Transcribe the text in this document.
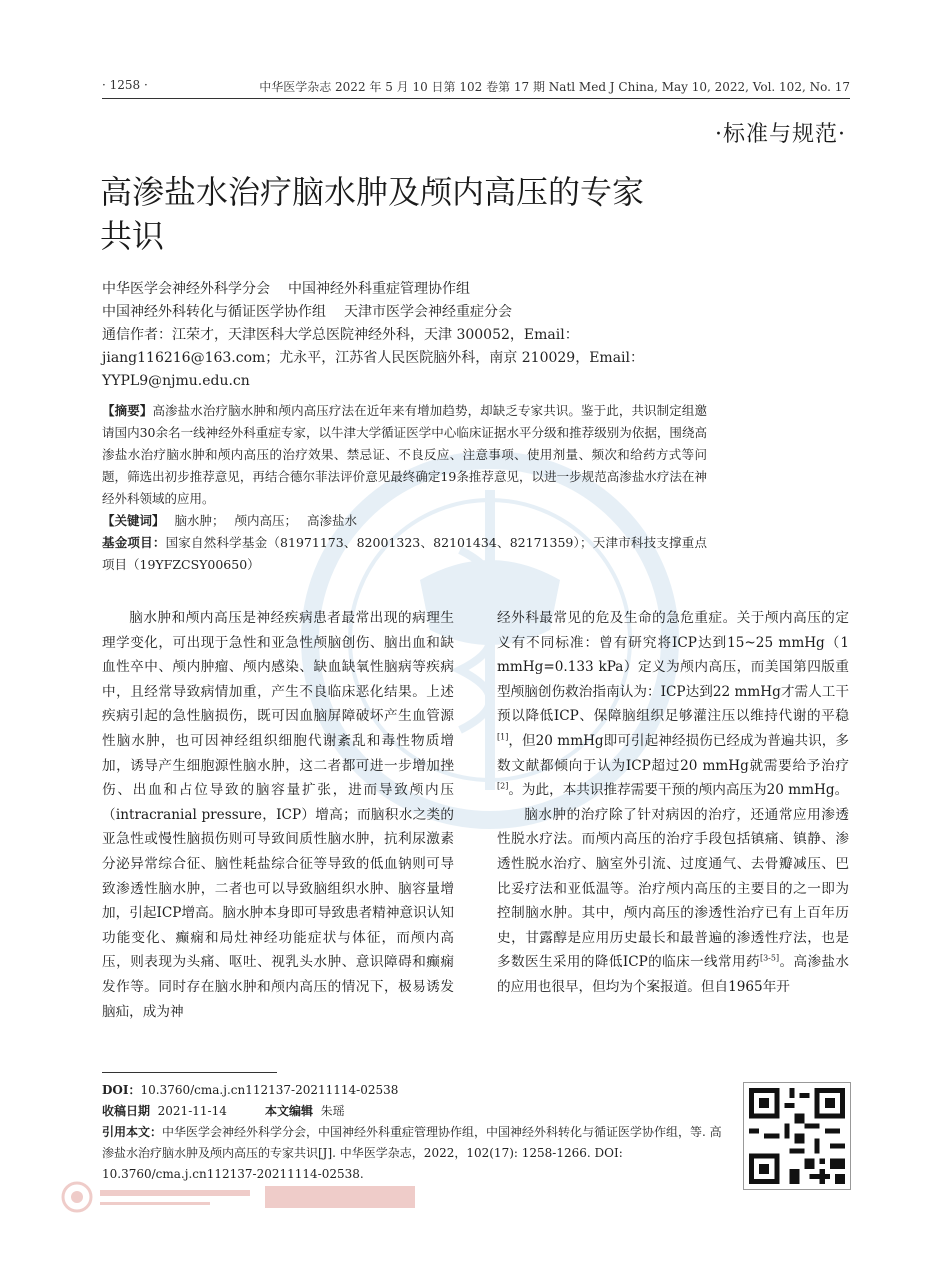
· 1258 ·	中华医学杂志 2022 年 5 月 10 日第 102 卷第 17 期 Natl Med J China, May 10, 2022, Vol. 102, No. 17
·标准与规范·
高渗盐水治疗脑水肿及颅内高压的专家共识
中华医学会神经外科学分会 中国神经外科重症管理协作组
中国神经外科转化与循证医学协作组 天津市医学会神经重症分会
通信作者：江荣才，天津医科大学总医院神经外科，天津 300052，Email：jiang116216@163.com；尤永平，江苏省人民医院脑外科，南京 210029，Email：YYPL9@njmu.edu.cn

【摘要】高渗盐水治疗脑水肿和颅内高压疗法在近年来有增加趋势，却缺乏专家共识。鉴于此，共识制定组邀请国内30余名一线神经外科重症专家，以牛津大学循证医学中心临床证据水平分级和推荐级别为依据，围绕高渗盐水治疗脑水肿和颅内高压的治疗效果、禁忌证、不良反应、注意事项、使用剂量、频次和给药方式等问题，筛选出初步推荐意见，再结合德尔菲法评价意见最终确定19条推荐意见，以进一步规范高渗盐水疗法在神经外科领域的应用。

【关键词】 脑水肿； 颅内高压； 高渗盐水

基金项目：国家自然科学基金（81971173、82001323、82101434、82171359）；天津市科技支撑重点项目（19YFZCSY00650）

脑水肿和颅内高压是神经疾病患者最常出现的病理生理学变化，可出现于急性和亚急性颅脑创伤、脑出血和缺血性卒中、颅内肿瘤、颅内感染、缺血缺氧性脑病等疾病中，且经常导致病情加重，产生不良临床恶化结果。上述疾病引起的急性脑损伤，既可因血脑屏障破坏产生血管源性脑水肿，也可因神经组织细胞代谢紊乱和毒性物质增加，诱导产生细胞源性脑水肿，这二者都可进一步增加挫伤、出血和占位导致的脑容量扩张，进而导致颅内压（intracranial pressure，ICP）增高；而脑积水之类的亚急性或慢性脑损伤则可导致间质性脑水肿，抗利尿激素分泌异常综合征、脑性耗盐综合征等导致的低血钠则可导致渗透性脑水肿，二者也可以导致脑组织水肿、脑容量增加，引起ICP增高。脑水肿本身即可导致患者精神意识认知功能变化、癫痫和局灶神经功能症状与体征，而颅内高压，则表现为头痛、呕吐、视乳头水肿、意识障碍和癫痫发作等。同时存在脑水肿和颅内高压的情况下，极易诱发脑疝，成为神

经外科最常见的危及生命的急危重症。关于颅内高压的定义有不同标准：曾有研究将ICP达到15~25 mmHg（1 mmHg=0.133 kPa）定义为颅内高压，而美国第四版重型颅脑创伤救治指南认为：ICP达到22 mmHg才需人工干预以降低ICP、保障脑组织足够灌注压以维持代谢的平稳[1]，但20 mmHg即可引起神经损伤已经成为普遍共识，多数文献都倾向于认为ICP超过20 mmHg就需要给予治疗[2]。为此，本共识推荐需要干预的颅内高压为20 mmHg。

脑水肿的治疗除了针对病因的治疗，还通常应用渗透性脱水疗法。而颅内高压的治疗手段包括镇痛、镇静、渗透性脱水治疗、脑室外引流、过度通气、去骨瓣减压、巴比妥疗法和亚低温等。治疗颅内高压的主要目的之一即为控制脑水肿。其中，颅内高压的渗透性治疗已有上百年历史，甘露醇是应用历史最长和最普遍的渗透性疗法，也是多数医生采用的降低ICP的临床一线常用药[3-5]。高渗盐水的应用也很早，但均为个案报道。但自1965年开

DOI：10.3760/cma.j.cn112137-20211114-02538

收稿日期 2021-11-14	本文编辑 朱瑶

引用本文：中华医学会神经外科学分会，中国神经外科重症管理协作组，中国神经外科转化与循证医学协作组，等. 高渗盐水治疗脑水肿及颅内高压的专家共识[J]. 中华医学杂志，2022，102(17): 1258-1266. DOI: 10.3760/cma.j.cn112137-20211114-02538.
